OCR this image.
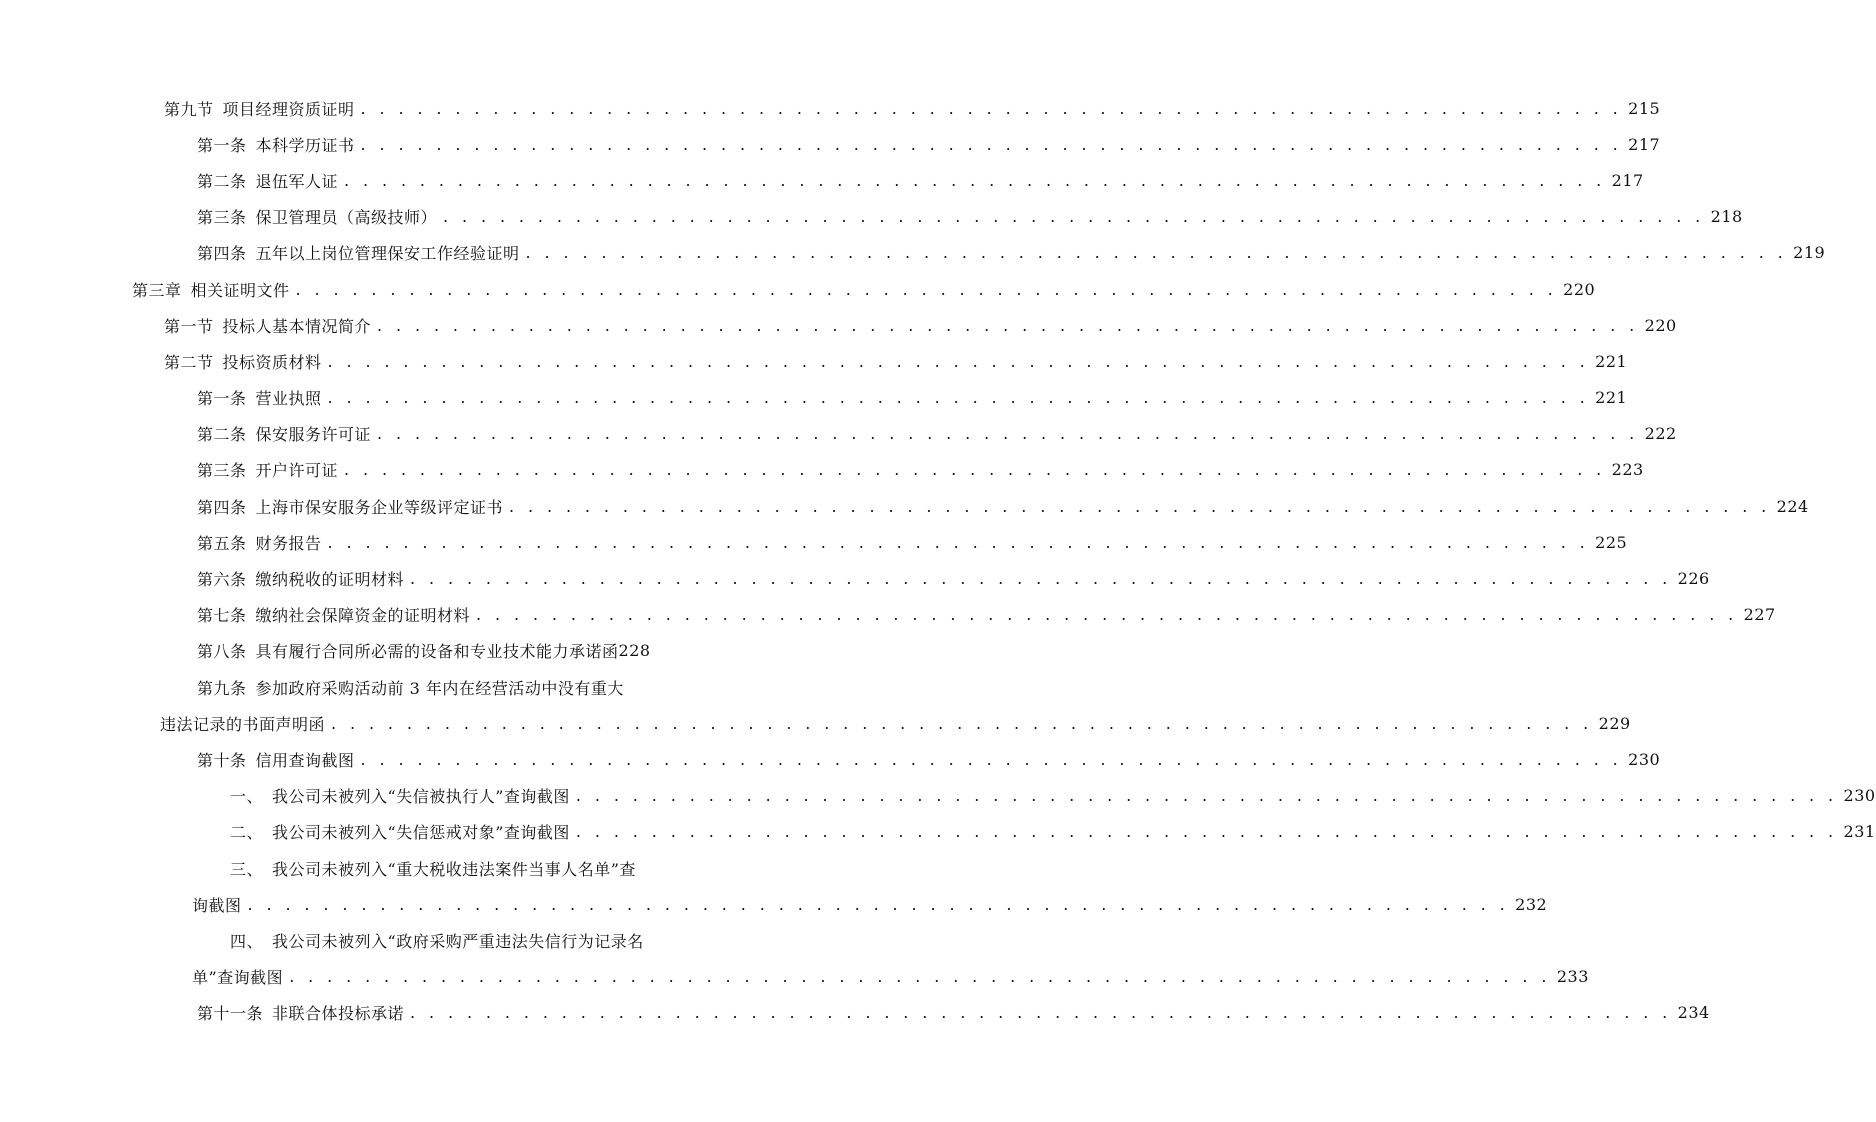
第九节 项目经理资质证明 . . . . . . . . . . . . . . . . . . . . . . . . . . . . . . . . . . . . . . . . . . . . . . . . . . . . . . . . . . . . . . . . . . . 215
第一条 本科学历证书 . . . . . . . . . . . . . . . . . . . . . . . . . . . . . . . . . . . . . . . . . . . . . . . . . . . . . . . . . . . . . . . . . . . 217
第二条 退伍军人证 . . . . . . . . . . . . . . . . . . . . . . . . . . . . . . . . . . . . . . . . . . . . . . . . . . . . . . . . . . . . . . . . . . . 217
第三条 保卫管理员（高级技师） . . . . . . . . . . . . . . . . . . . . . . . . . . . . . . . . . . . . . . . . . . . . . . . . . . . . . . . . . . . . . . . . . . . 218
第四条 五年以上岗位管理保安工作经验证明 . . . . . . . . . . . . . . . . . . . . . . . . . . . . . . . . . . . . . . . . . . . . . . . . . . . . . . . . . . . . . . . . . . . 219
第三章 相关证明文件 . . . . . . . . . . . . . . . . . . . . . . . . . . . . . . . . . . . . . . . . . . . . . . . . . . . . . . . . . . . . . . . . . . . 220
第一节 投标人基本情况简介 . . . . . . . . . . . . . . . . . . . . . . . . . . . . . . . . . . . . . . . . . . . . . . . . . . . . . . . . . . . . . . . . . . . 220
第二节 投标资质材料 . . . . . . . . . . . . . . . . . . . . . . . . . . . . . . . . . . . . . . . . . . . . . . . . . . . . . . . . . . . . . . . . . . . 221
第一条 营业执照 . . . . . . . . . . . . . . . . . . . . . . . . . . . . . . . . . . . . . . . . . . . . . . . . . . . . . . . . . . . . . . . . . . . 221
第二条 保安服务许可证 . . . . . . . . . . . . . . . . . . . . . . . . . . . . . . . . . . . . . . . . . . . . . . . . . . . . . . . . . . . . . . . . . . . 222
第三条 开户许可证 . . . . . . . . . . . . . . . . . . . . . . . . . . . . . . . . . . . . . . . . . . . . . . . . . . . . . . . . . . . . . . . . . . . 223
第四条 上海市保安服务企业等级评定证书 . . . . . . . . . . . . . . . . . . . . . . . . . . . . . . . . . . . . . . . . . . . . . . . . . . . . . . . . . . . . . . . . . . . 224
第五条 财务报告 . . . . . . . . . . . . . . . . . . . . . . . . . . . . . . . . . . . . . . . . . . . . . . . . . . . . . . . . . . . . . . . . . . . 225
第六条 缴纳税收的证明材料 . . . . . . . . . . . . . . . . . . . . . . . . . . . . . . . . . . . . . . . . . . . . . . . . . . . . . . . . . . . . . . . . . . . 226
第七条 缴纳社会保障资金的证明材料 . . . . . . . . . . . . . . . . . . . . . . . . . . . . . . . . . . . . . . . . . . . . . . . . . . . . . . . . . . . . . . . . . . . 227
第八条 具有履行合同所必需的设备和专业技术能力承诺函 228
第九条 参加政府采购活动前 3 年内在经营活动中没有重大
违法记录的书面声明函 . . . . . . . . . . . . . . . . . . . . . . . . . . . . . . . . . . . . . . . . . . . . . . . . . . . . . . . . . . . . . . . . . . . 229
第十条 信用查询截图 . . . . . . . . . . . . . . . . . . . . . . . . . . . . . . . . . . . . . . . . . . . . . . . . . . . . . . . . . . . . . . . . . . . 230
一、 我公司未被列入“失信被执行人”查询截图 . . . . . . . . . . . . . . . . . . . . . . . . . . . . . . . . . . . . . . . . . . . . . . . . . . . . . . . . . . . . . . . . . . . 230
二、 我公司未被列入“失信惩戒对象”查询截图 . . . . . . . . . . . . . . . . . . . . . . . . . . . . . . . . . . . . . . . . . . . . . . . . . . . . . . . . . . . . . . . . . . . 231
三、 我公司未被列入“重大税收违法案件当事人名单”查
询截图 . . . . . . . . . . . . . . . . . . . . . . . . . . . . . . . . . . . . . . . . . . . . . . . . . . . . . . . . . . . . . . . . . . . 232
四、 我公司未被列入“政府采购严重违法失信行为记录名
单”查询截图 . . . . . . . . . . . . . . . . . . . . . . . . . . . . . . . . . . . . . . . . . . . . . . . . . . . . . . . . . . . . . . . . . . . 233
第十一条 非联合体投标承诺 . . . . . . . . . . . . . . . . . . . . . . . . . . . . . . . . . . . . . . . . . . . . . . . . . . . . . . . . . . . . . . . . . . . 234
